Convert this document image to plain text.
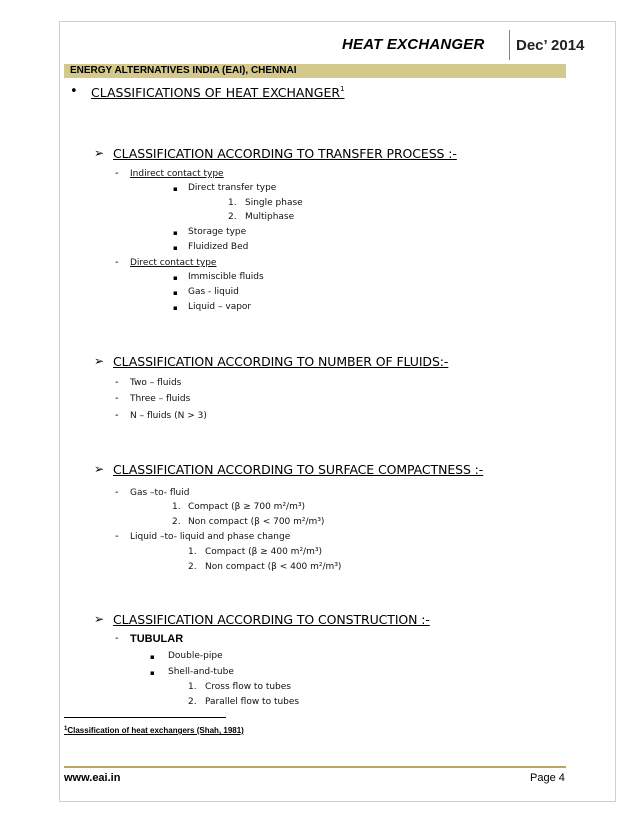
HEAT EXCHANGER Dec’ 2014
ENERGY ALTERNATIVES INDIA (EAI), CHENNAI
• CLASSIFICATIONS OF HEAT EXCHANGER$^1$
➢ CLASSIFICATION ACCORDING TO TRANSFER PROCESS :-
- Indirect contact type
▪ Direct transfer type
1. Single phase
2. Multiphase
▪ Storage type
▪ Fluidized Bed
- Direct contact type
▪ Immiscible fluids
▪ Gas - liquid
▪ Liquid – vapor
➢ CLASSIFICATION ACCORDING TO NUMBER OF FLUIDS:-
- Two – fluids
- Three – fluids
- N – fluids (N > 3)
➢ CLASSIFICATION ACCORDING TO SURFACE COMPACTNESS :-
- Gas –to- fluid
1. Compact (β ≥ 700 m²/m³)
2. Non compact (β < 700 m²/m³)
- Liquid –to- liquid and phase change
1. Compact (β ≥ 400 m²/m³)
2. Non compact (β < 400 m²/m³)
➢ CLASSIFICATION ACCORDING TO CONSTRUCTION :-
- TUBULAR
▪ Double-pipe
▪ Shell-and-tube
1. Cross flow to tubes
2. Parallel flow to tubes
$^1$Classification of heat exchangers (Shah, 1981)
www.eai.in	Page 4
